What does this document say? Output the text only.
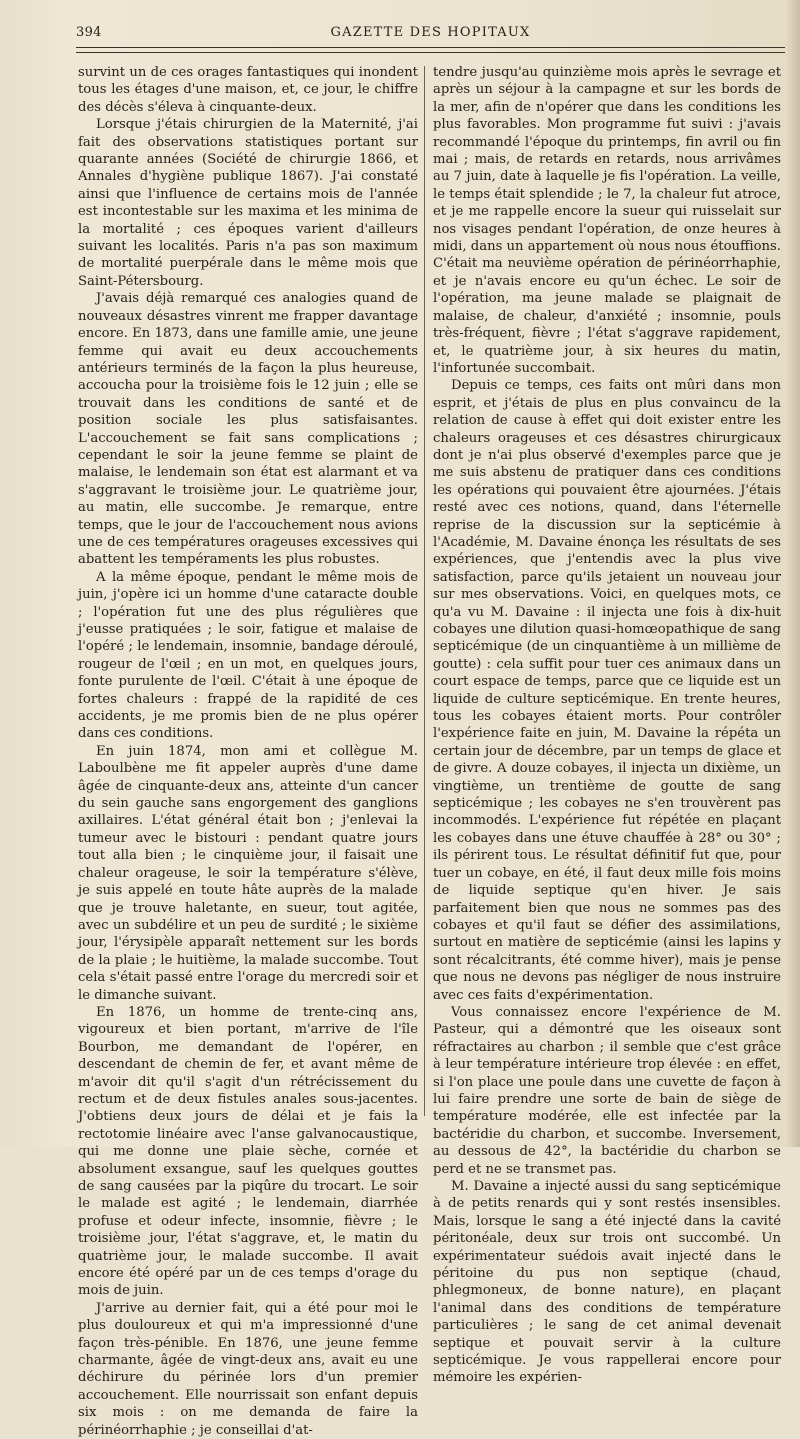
394	GAZETTE DES HOPITAUX

survint un de ces orages fantastiques qui inondent tous les étages d'une maison, et, ce jour, le chiffre des décès s'éleva à cinquante-deux.

Lorsque j'étais chirurgien de la Maternité, j'ai fait des observations statistiques portant sur quarante années (Société de chirurgie 1866, et Annales d'hygiène publique 1867). J'ai constaté ainsi que l'influence de certains mois de l'année est incontestable sur les maxima et les minima de la mortalité ; ces époques varient d'ailleurs suivant les localités. Paris n'a pas son maximum de mortalité puerpérale dans le même mois que Saint-Pétersbourg.

J'avais déjà remarqué ces analogies quand de nouveaux désastres vinrent me frapper davantage encore. En 1873, dans une famille amie, une jeune femme qui avait eu deux accouchements antérieurs terminés de la façon la plus heureuse, accoucha pour la troisième fois le 12 juin ; elle se trouvait dans les conditions de santé et de position sociale les plus satisfaisantes. L'accouchement se fait sans complications ; cependant le soir la jeune femme se plaint de malaise, le lendemain son état est alarmant et va s'aggravant le troisième jour. Le quatrième jour, au matin, elle succombe. Je remarque, entre temps, que le jour de l'accouchement nous avions une de ces températures orageuses excessives qui abattent les tempéraments les plus robustes.

A la même époque, pendant le même mois de juin, j'opère ici un homme d'une cataracte double ; l'opération fut une des plus régulières que j'eusse pratiquées ; le soir, fatigue et malaise de l'opéré ; le lendemain, insomnie, bandage déroulé, rougeur de l'œil ; en un mot, en quelques jours, fonte purulente de l'œil. C'était à une époque de fortes chaleurs : frappé de la rapidité de ces accidents, je me promis bien de ne plus opérer dans ces conditions.

En juin 1874, mon ami et collègue M. Laboulbène me fit appeler auprès d'une dame âgée de cinquante-deux ans, atteinte d'un cancer du sein gauche sans engorgement des ganglions axillaires. L'état général était bon ; j'enlevai la tumeur avec le bistouri : pendant quatre jours tout alla bien ; le cinquième jour, il faisait une chaleur orageuse, le soir la température s'élève, je suis appelé en toute hâte auprès de la malade que je trouve haletante, en sueur, tout agitée, avec un subdélire et un peu de surdité ; le sixième jour, l'érysipèle apparaît nettement sur les bords de la plaie ; le huitième, la malade succombe. Tout cela s'était passé entre l'orage du mercredi soir et le dimanche suivant.

En 1876, un homme de trente-cinq ans, vigoureux et bien portant, m'arrive de l'île Bourbon, me demandant de l'opérer, en descendant de chemin de fer, et avant même de m'avoir dit qu'il s'agit d'un rétrécissement du rectum et de deux fistules anales sous-jacentes. J'obtiens deux jours de délai et je fais la rectotomie linéaire avec l'anse galvanocaustique, qui me donne une plaie sèche, cornée et absolument exsangue, sauf les quelques gouttes de sang causées par la piqûre du trocart. Le soir le malade est agité ; le lendemain, diarrhée profuse et odeur infecte, insomnie, fièvre ; le troisième jour, l'état s'aggrave, et, le matin du quatrième jour, le malade succombe. Il avait encore été opéré par un de ces temps d'orage du mois de juin.

J'arrive au dernier fait, qui a été pour moi le plus douloureux et qui m'a impressionné d'une façon très-pénible. En 1876, une jeune femme charmante, âgée de vingt-deux ans, avait eu une déchirure du périnée lors d'un premier accouchement. Elle nourrissait son enfant depuis six mois : on me demanda de faire la périnéorrhaphie ; je conseillai d'at-

tendre jusqu'au quinzième mois après le sevrage et après un séjour à la campagne et sur les bords de la mer, afin de n'opérer que dans les conditions les plus favorables. Mon programme fut suivi : j'avais recommandé l'époque du printemps, fin avril ou fin mai ; mais, de retards en retards, nous arrivâmes au 7 juin, date à laquelle je fis l'opération. La veille, le temps était splendide ; le 7, la chaleur fut atroce, et je me rappelle encore la sueur qui ruisselait sur nos visages pendant l'opération, de onze heures à midi, dans un appartement où nous nous étouffions. C'était ma neuvième opération de périnéorrhaphie, et je n'avais encore eu qu'un échec. Le soir de l'opération, ma jeune malade se plaignait de malaise, de chaleur, d'anxiété ; insomnie, pouls très-fréquent, fièvre ; l'état s'aggrave rapidement, et, le quatrième jour, à six heures du matin, l'infortunée succombait.

Depuis ce temps, ces faits ont mûri dans mon esprit, et j'étais de plus en plus convaincu de la relation de cause à effet qui doit exister entre les chaleurs orageuses et ces désastres chirurgicaux dont je n'ai plus observé d'exemples parce que je me suis abstenu de pratiquer dans ces conditions les opérations qui pouvaient être ajournées. J'étais resté avec ces notions, quand, dans l'éternelle reprise de la discussion sur la septicémie à l'Académie, M. Davaine énonça les résultats de ses expériences, que j'entendis avec la plus vive satisfaction, parce qu'ils jetaient un nouveau jour sur mes observations. Voici, en quelques mots, ce qu'a vu M. Davaine : il injecta une fois à dix-huit cobayes une dilution quasi-homœopathique de sang septicémique (de un cinquantième à un millième de goutte) : cela suffit pour tuer ces animaux dans un court espace de temps, parce que ce liquide est un liquide de culture septicémique. En trente heures, tous les cobayes étaient morts. Pour contrôler l'expérience faite en juin, M. Davaine la répéta un certain jour de décembre, par un temps de glace et de givre. A douze cobayes, il injecta un dixième, un vingtième, un trentième de goutte de sang septicémique ; les cobayes ne s'en trouvèrent pas incommodés. L'expérience fut répétée en plaçant les cobayes dans une étuve chauffée à 28° ou 30° ; ils périrent tous. Le résultat définitif fut que, pour tuer un cobaye, en été, il faut deux mille fois moins de liquide septique qu'en hiver. Je sais parfaitement bien que nous ne sommes pas des cobayes et qu'il faut se défier des assimilations, surtout en matière de septicémie (ainsi les lapins y sont récalcitrants, été comme hiver), mais je pense que nous ne devons pas négliger de nous instruire avec ces faits d'expérimentation.

Vous connaissez encore l'expérience de M. Pasteur, qui a démontré que les oiseaux sont réfractaires au charbon ; il semble que c'est grâce à leur température intérieure trop élevée : en effet, si l'on place une poule dans une cuvette de façon à lui faire prendre une sorte de bain de siège de température modérée, elle est infectée par la bactéridie du charbon, et succombe. Inversement, au dessous de 42°, la bactéridie du charbon se perd et ne se transmet pas.

M. Davaine a injecté aussi du sang septicémique à de petits renards qui y sont restés insensibles. Mais, lorsque le sang a été injecté dans la cavité péritonéale, deux sur trois ont succombé. Un expérimentateur suédois avait injecté dans le péritoine du pus non septique (chaud, phlegmoneux, de bonne nature), en plaçant l'animal dans des conditions de température particulières ; le sang de cet animal devenait septique et pouvait servir à la culture septicémique. Je vous rappellerai encore pour mémoire les expérien-
